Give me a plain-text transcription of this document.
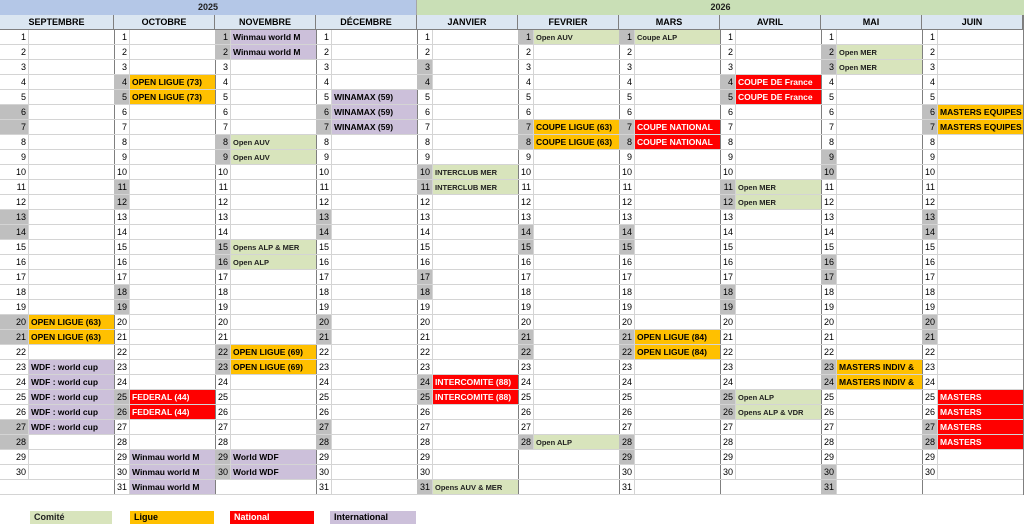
2025	2026
SEPTEMBRE
1
2
3
4
5
6
7
8
9
10
11
12
13
14
15
16
17
18
19
20 OPEN LIGUE (63)
21 OPEN LIGUE (63)
22
23 WDF : world cup
24 WDF : world cup
25 WDF : world cup
26 WDF : world cup
27 WDF : world cup
28
29
30
OCTOBRE
1
2
3
4 OPEN LIGUE (73)
5 OPEN LIGUE (73)
6
7
8
9
10
11
12
13
14
15
16
17
18
19
20
21
22
23
24
25 FEDERAL (44)
26 FEDERAL (44)
27
28
29 Winmau world M
30 Winmau world M
31 Winmau world M
NOVEMBRE
1 Winmau world M
2 Winmau world M
3
4
5
6
7
8 Open AUV
9 Open AUV
10
11
12
13
14
15 Opens ALP & MER
16 Open ALP
17
18
19
20
21
22 OPEN LIGUE (69)
23 OPEN LIGUE (69)
24
25
26
27
28
29 World WDF
30 World WDF
DÉCEMBRE
1
2
3
4
5 WINAMAX (59)
6 WINAMAX (59)
7 WINAMAX (59)
8
9
10
11
12
13
14
15
16
17
18
19
20
21
22
23
24
25
26
27
28
29
30
31
JANVIER
1
2
3
4
5
6
7
8
9
10 INTERCLUB MER
11 INTERCLUB MER
12
13
14
15
16
17
18
19
20
21
22
23
24 INTERCOMITE (88)
25 INTERCOMITE (88)
26
27
28
29
30
31 Opens AUV & MER
FEVRIER
1 Open AUV
2
3
4
5
6
7 COUPE LIGUE (63)
8 COUPE LIGUE (63)
9
10
11
12
13
14
15
16
17
18
19
20
21
22
23
24
25
26
27
28 Open ALP
MARS
1 Coupe ALP
2
3
4
5
6
7 COUPE NATIONAL
8 COUPE NATIONAL
9
10
11
12
13
14
15
16
17
18
19
20
21 OPEN LIGUE (84)
22 OPEN LIGUE (84)
23
24
25
26
27
28
29
30
31
AVRIL
1
2
3
4 COUPE DE France
5 COUPE DE France
6
7
8
9
10
11 Open MER
12 Open MER
13
14
15
16
17
18
19
20
21
22
23
24
25 Open ALP
26 Opens ALP & VDR
27
28
29
30
MAI
1
2 Open MER
3 Open MER
4
5
6
7
8
9
10
11
12
13
14
15
16
17
18
19
20
21
22
23 MASTERS INDIV &
24 MASTERS INDIV &
25
26
27
28
29
30
31
JUIN
1
2
3
4
5
6 MASTERS EQUIPES
7 MASTERS EQUIPES
8
9
10
11
12
13
14
15
16
17
18
19
20
21
22
23
24
25 MASTERS
26 MASTERS
27 MASTERS
28 MASTERS
29
30
Comité	Ligue	National	International
